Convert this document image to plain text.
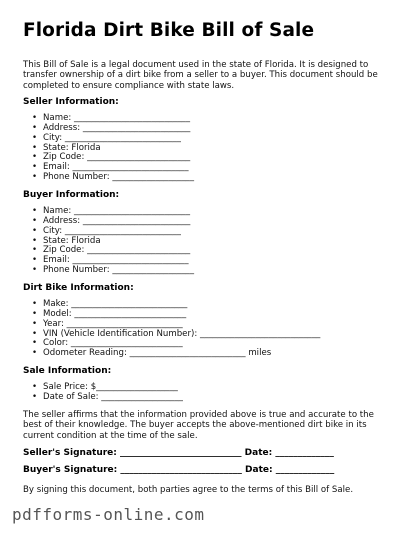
Florida Dirt Bike Bill of Sale
This Bill of Sale is a legal document used in the state of Florida. It is designed to transfer ownership of a dirt bike from a seller to a buyer. This document should be completed to ensure compliance with state laws.
Seller Information:
• Name: ___________________________
• Address: _________________________
• City: ___________________________
• State: Florida
• Zip Code: ________________________
• Email: ___________________________
• Phone Number: ___________________
Buyer Information:
• Name: ___________________________
• Address: _________________________
• City: ___________________________
• State: Florida
• Zip Code: ________________________
• Email: ___________________________
• Phone Number: ___________________
Dirt Bike Information:
• Make: ___________________________
• Model: __________________________
• Year: ___________________________
• VIN (Vehicle Identification Number): ____________________________
• Color: __________________________
• Odometer Reading: ___________________________ miles
Sale Information:
• Sale Price: $___________________
• Date of Sale: ___________________
The seller affirms that the information provided above is true and accurate to the best of their knowledge. The buyer accepts the above-mentioned dirt bike in its current condition at the time of the sale.
Seller's Signature: ___________________________ Date: _____________
Buyer's Signature: ___________________________ Date: _____________
By signing this document, both parties agree to the terms of this Bill of Sale.
pdfforms-online.com
